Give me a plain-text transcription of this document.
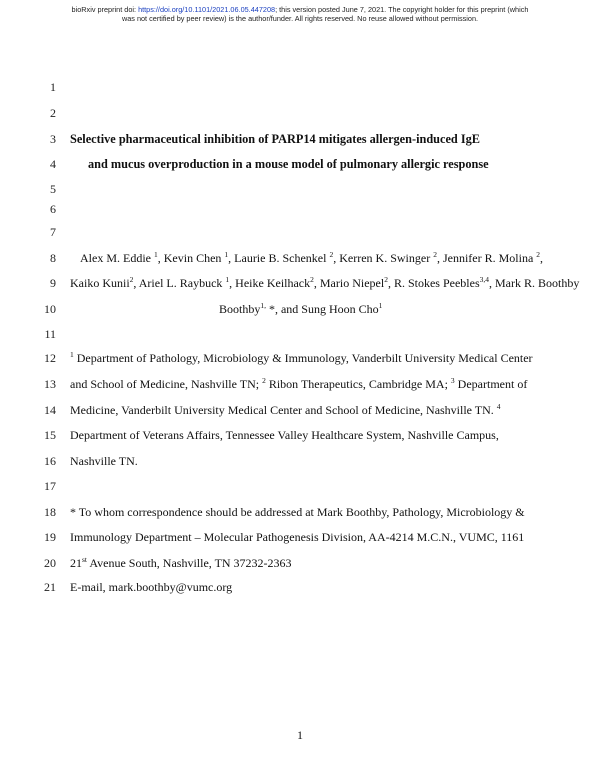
bioRxiv preprint doi: https://doi.org/10.1101/2021.06.05.447208; this version posted June 7, 2021. The copyright holder for this preprint (which
was not certified by peer review) is the author/funder. All rights reserved. No reuse allowed without permission.
1
2
3
4
5
6
7
8
9
10
11
12
13
14
15
16
17
18
19
20
21
Selective pharmaceutical inhibition of PARP14 mitigates allergen-induced IgE
and mucus overproduction in a mouse model of pulmonary allergic response
Alex M. Eddie $^1$, Kevin Chen $^1$, Laurie B. Schenkel $^2$, Kerren K. Swinger $^2$, Jennifer R. Molina $^2$,
Kaiko Kunii$^2$, Ariel L. Raybuck $^1$, Heike Keilhack$^2$, Mario Niepel$^2$, R. Stokes Peebles$^{3,4}$, Mark R. Boothby
Boothby$^{1,}$ *, and Sung Hoon Cho$^1$
$^1$ Department of Pathology, Microbiology & Immunology, Vanderbilt University Medical Center
and School of Medicine, Nashville TN; $^2$ Ribon Therapeutics, Cambridge MA; $^3$ Department of
Medicine, Vanderbilt University Medical Center and School of Medicine, Nashville TN. $^4$
Department of Veterans Affairs, Tennessee Valley Healthcare System, Nashville Campus,
Nashville TN.
* To whom correspondence should be addressed at Mark Boothby, Pathology, Microbiology &
Immunology Department – Molecular Pathogenesis Division, AA-4214 M.C.N., VUMC, 1161
21st Avenue South, Nashville, TN 37232-2363
E-mail, mark.boothby@vumc.org
1
